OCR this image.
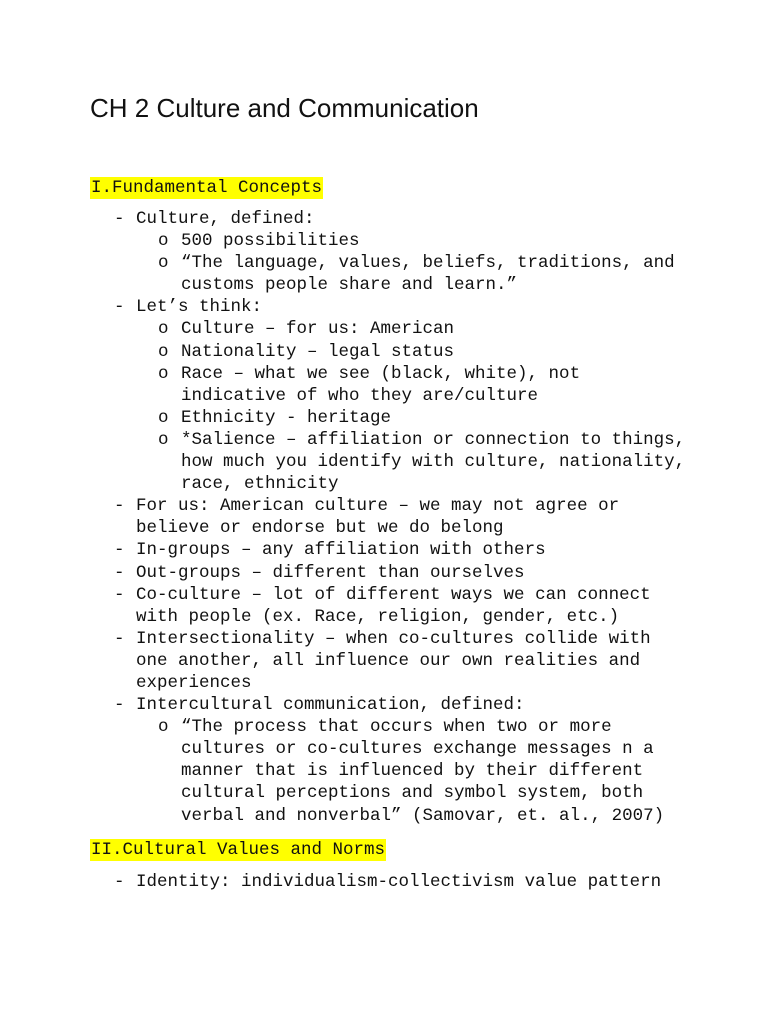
CH 2 Culture and Communication
I.Fundamental Concepts
- Culture, defined:
o 500 possibilities
o “The language, values, beliefs, traditions, and customs people share and learn.”
- Let’s think:
o Culture – for us: American
o Nationality – legal status
o Race – what we see (black, white), not indicative of who they are/culture
o Ethnicity - heritage
o *Salience – affiliation or connection to things, how much you identify with culture, nationality, race, ethnicity
- For us: American culture – we may not agree or believe or endorse but we do belong
- In-groups – any affiliation with others
- Out-groups – different than ourselves
- Co-culture – lot of different ways we can connect with people (ex. Race, religion, gender, etc.)
- Intersectionality – when co-cultures collide with one another, all influence our own realities and experiences
- Intercultural communication, defined:
o “The process that occurs when two or more cultures or co-cultures exchange messages n a manner that is influenced by their different cultural perceptions and symbol system, both verbal and nonverbal” (Samovar, et. al., 2007)
II.Cultural Values and Norms
- Identity: individualism-collectivism value pattern
